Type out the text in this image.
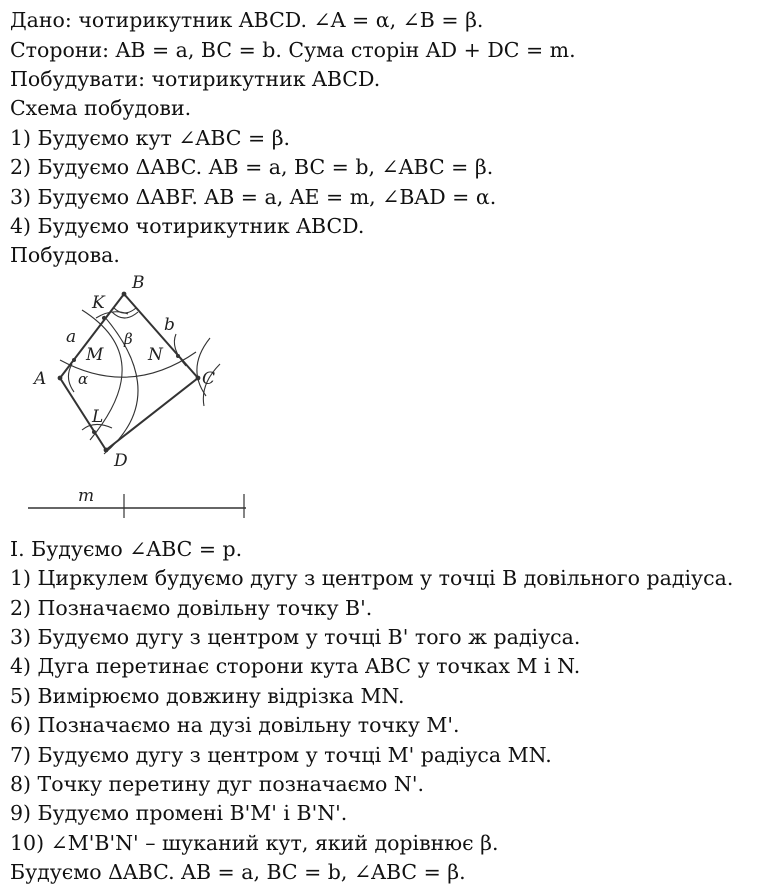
Дано: чотирикутник ABCD. ∠A = α, ∠B = β.
Сторони: AB = a, BC = b. Сума сторін AD + DC = m.
Побудувати: чотирикутник ABCD.
Схема побудови.
1) Будуємо кут ∠ABC = β.
2) Будуємо ΔABC. AB = a, BC = b, ∠ABC = β.
3) Будуємо ΔABF. AB = a, AE = m, ∠BAD = α.
4) Будуємо чотирикутник ABCD.
Побудова.
B
A	C
D
K
L
M	N
a
b
α
β
m
І. Будуємо ∠ABC = p.
1) Циркулем будуємо дугу з центром у точці B довільного радіуса.
2) Позначаємо довільну точку B'.
3) Будуємо дугу з центром у точці B' того ж радіуса.
4) Дуга перетинає сторони кута ABC у точках M і N.
5) Вимірюємо довжину відрізка MN.
6) Позначаємо на дузі довільну точку M'.
7) Будуємо дугу з центром у точці M' радіуса MN.
8) Точку перетину дуг позначаємо N'.
9) Будуємо промені B'M' і B'N'.
10) ∠M'B'N' – шуканий кут, який дорівнює β.
Будуємо ΔABC. AB = a, BC = b, ∠ABC = β.
